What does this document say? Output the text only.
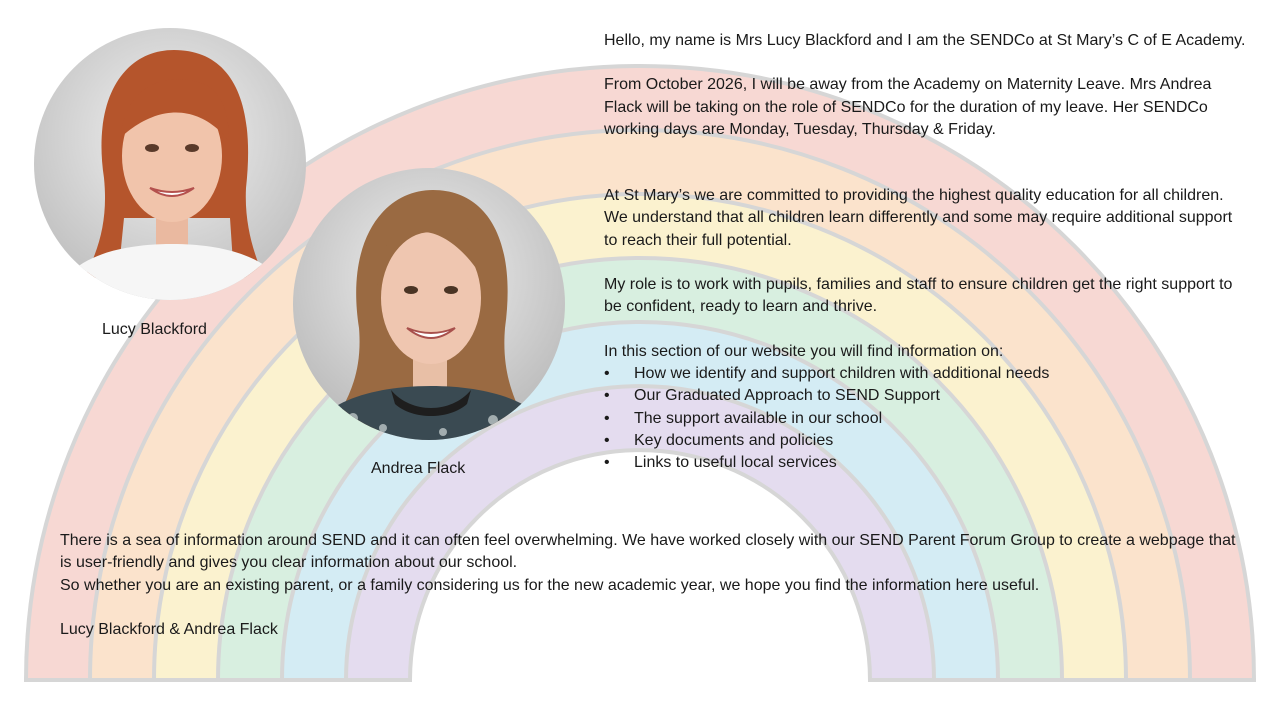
Lucy Blackford
Andrea Flack

Hello, my name is Mrs Lucy Blackford and I am the SENDCo at St Mary’s C of E Academy.

From October 2026, I will be away from the Academy on Maternity Leave. Mrs Andrea Flack will be taking on the role of SENDCo for the duration of my leave. Her SENDCo working days are Monday, Tuesday, Thursday & Friday.

At St Mary’s we are committed to providing the highest quality education for all children. We understand that all children learn differently and some may require additional support to reach their full potential.

My role is to work with pupils, families and staff to ensure children get the right support to be confident, ready to learn and thrive.

In this section of our website you will find information on:

• How we identify and support children with additional needs
• Our Graduated Approach to SEND Support
• The support available in our school
• Key documents and policies
• Links to useful local services

There is a sea of information around SEND and it can often feel overwhelming. We have worked closely with our SEND Parent Forum Group to create a webpage that is user-friendly and gives you clear information about our school.

So whether you are an existing parent, or a family considering us for the new academic year, we hope you find the information here useful.

Lucy Blackford & Andrea Flack
